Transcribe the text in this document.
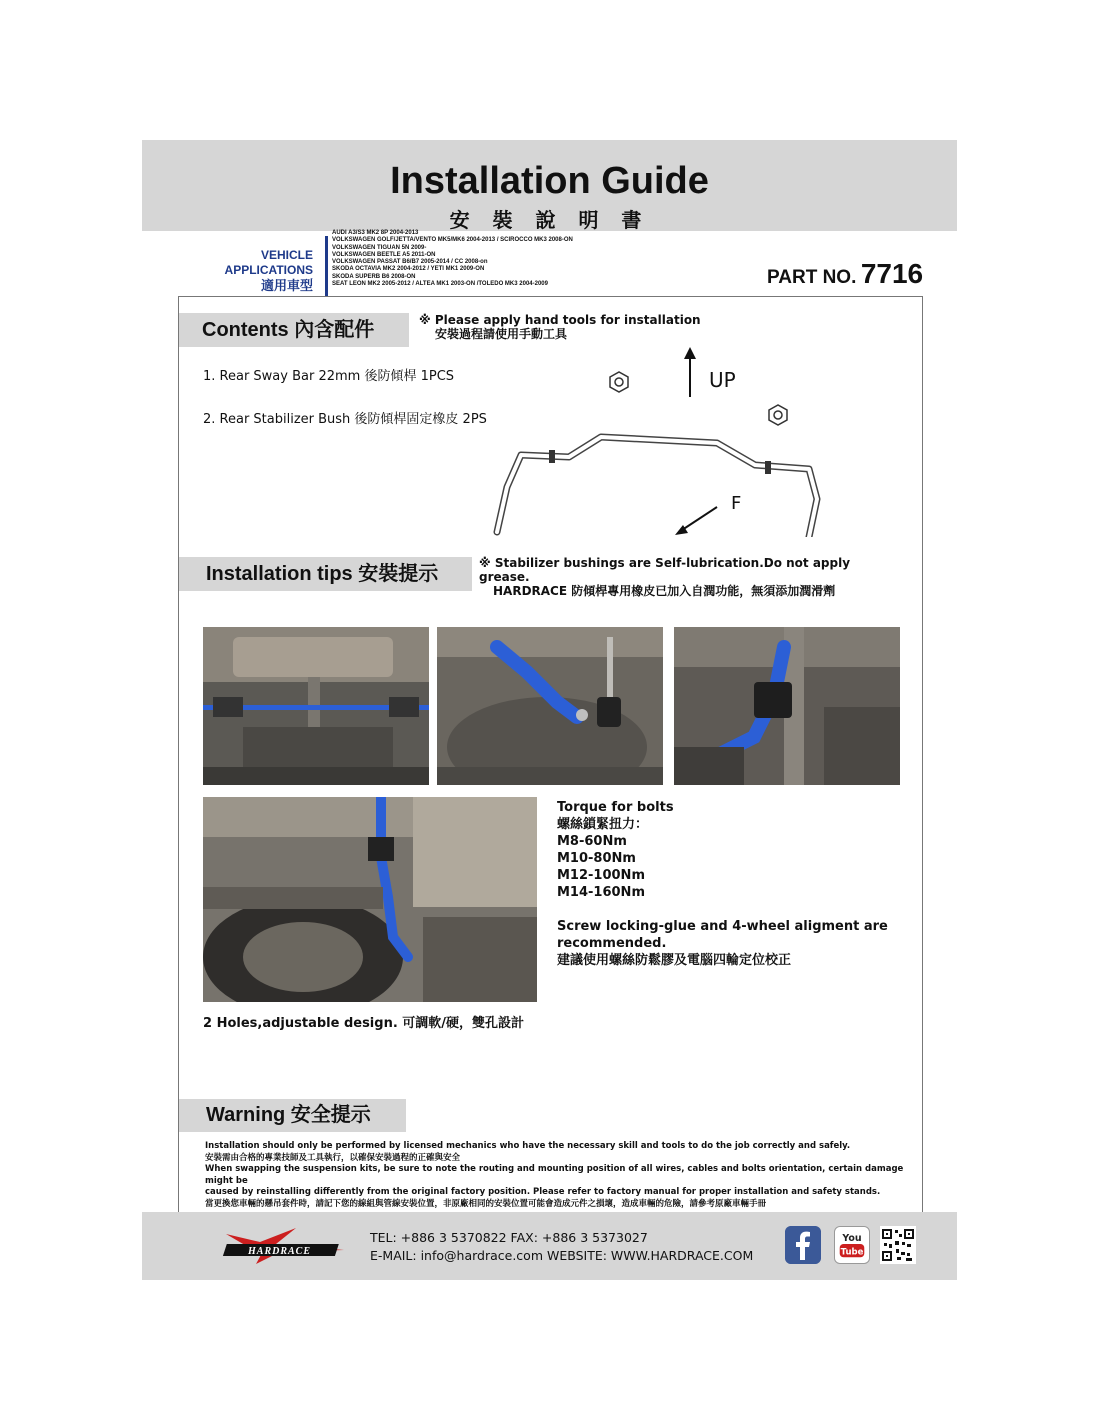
Installation Guide
安 裝 說 明 書
VEHICLE APPLICATIONS
適用車型
AUDI A3/S3 MK2 8P 2004-2013
VOLKSWAGEN GOLF/JETTA/VENTO MK5/MK6 2004-2013 / SCIROCCO MK3 2008-ON
VOLKSWAGEN TIGUAN 5N 2009-
VOLKSWAGEN BEETLE A5 2011-ON
VOLKSWAGEN PASSAT B6/B7 2005-2014 / CC 2008-on
SKODA OCTAVIA MK2 2004-2012 / YETI MK1 2009-ON
SKODA SUPERB B6 2008-ON
SEAT LEON MK2 2005-2012 / ALTEA MK1 2003-ON /TOLEDO MK3 2004-2009	PART NO. 7716
Contents 內含配件	※ Please apply hand tools for installation
安裝過程請使用手動工具
1. Rear Sway Bar 22mm 後防傾桿 1PCS
2. Rear Stabilizer Bush 後防傾桿固定橡皮 2PS
UP
F
Installation tips 安裝提示	※ Stabilizer bushings are Self-lubrication.Do not apply grease.
HARDRACE 防傾桿專用橡皮已加入自潤功能，無須添加潤滑劑
2 Holes,adjustable design. 可調軟/硬，雙孔設計
Torque for bolts
螺絲鎖緊扭力：
M8-60Nm
M10-80Nm
M12-100Nm
M14-160Nm
Screw locking-glue and 4-wheel aligment are
recommended.
建議使用螺絲防鬆膠及電腦四輪定位校正
Warning 安全提示
Installation should only be performed by licensed mechanics who have the necessary skill and tools to do the job correctly and safely.
安裝需由合格的專業技師及工具執行，以確保安裝過程的正確與安全
When swapping the suspension kits, be sure to note the routing and mounting position of all wires, cables and bolts orientation, certain damage might be
caused by reinstalling differently from the original factory position. Please refer to factory manual for proper installation and safety stands.
當更換您車輛的懸吊套件時，請記下您的線組與管線安裝位置，非原廠相同的安裝位置可能會造成元件之損壞，造成車輛的危險，請參考原廠車輛手冊
HARDRACE
TEL: +886 3 5370822 FAX: +886 3 5373027
E-MAIL: info@hardrace.com WEBSITE: WWW.HARDRACE.COM
You
Tube
